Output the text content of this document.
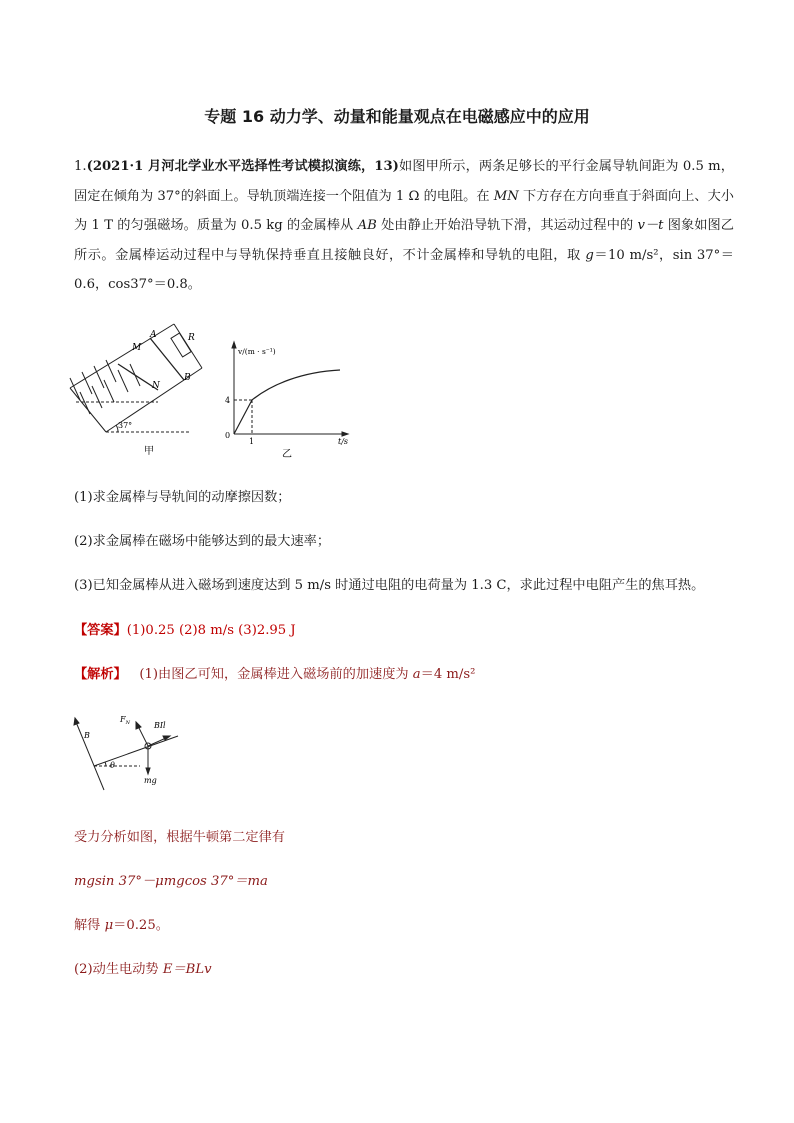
专题 16 动力学、动量和能量观点在电磁感应中的应用
1.(2021·1 月河北学业水平选择性考试模拟演练，13)如图甲所示，两条足够长的平行金属导轨间距为 0.5 m，固定在倾角为 37°的斜面上。导轨顶端连接一个阻值为 1 Ω 的电阻。在 MN 下方存在方向垂直于斜面向上、大小为 1 T 的匀强磁场。质量为 0.5 kg 的金属棒从 AB 处由静止开始沿导轨下滑，其运动过程中的 v－t 图象如图乙所示。金属棒运动过程中与导轨保持垂直且接触良好，不计金属棒和导轨的电阻，取 g＝10 m/s²，sin 37°＝0.6，cos37°＝0.8。
A	R
M
B
N
37°
甲
v/(m · s⁻¹)
t/s
4
1
0
乙
(1)求金属棒与导轨间的动摩擦因数；
(2)求金属棒在磁场中能够达到的最大速率；
(3)已知金属棒从进入磁场到速度达到 5 m/s 时通过电阻的电荷量为 1.3 C，求此过程中电阻产生的焦耳热。
【答案】(1)0.25 (2)8 m/s (3)2.95 J
【解析】 (1)由图乙可知，金属棒进入磁场前的加速度为 a＝4 m/s²
$F_N$	BIl
B
θ
mg
受力分析如图，根据牛顿第二定律有
mgsin 37°－μmgcos 37°＝ma
解得 μ＝0.25。
(2)动生电动势 E＝BLv
